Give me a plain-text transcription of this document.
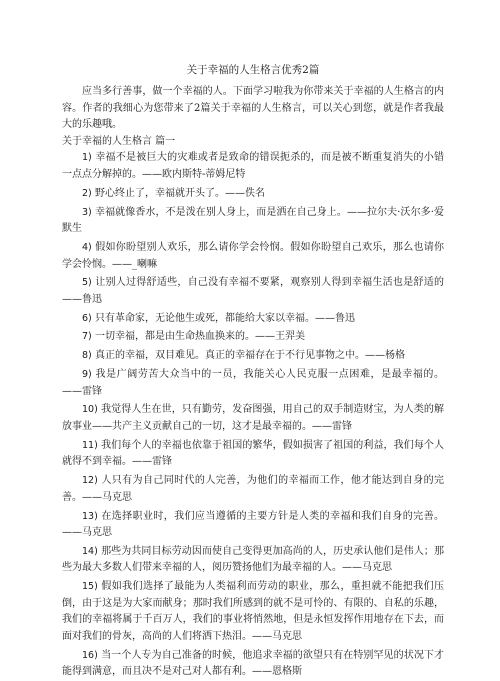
关于幸福的人生格言优秀2篇

应当多行善事，做一个幸福的人。下面学习啦我为你带来关于幸福的人生格言的内容。作者的我细心为您带来了2篇关于幸福的人生格言，可以关心到您，就是作者我最大的乐趣哦。

关于幸福的人生格言 篇一
1) 幸福不是被巨大的灾难或者是致命的错误扼杀的，而是被不断重复消失的小错一点点分解掉的。——欧内斯特-蒂姆尼特
2) 野心终止了，幸福就开头了。——佚名
3) 幸福就像香水，不是泼在别人身上，而是洒在自己身上。——拉尔夫·沃尔多·爱默生
4) 假如你盼望别人欢乐，那么请你学会怜悯。假如你盼望自己欢乐，那么也请你学会怜悯。——_喇嘛
5) 让别人过得舒适些，自己没有幸福不要紧，观察别人得到幸福生活也是舒适的——鲁迅
6) 只有革命家，无论他生或死，都能给大家以幸福。——鲁迅
7) 一切幸福，都是由生命热血换来的。——王羿美
8) 真正的幸福，双目难见。真正的幸福存在于不行见事物之中。——杨格
9) 我是广阔劳苦大众当中的一员，我能关心人民克服一点困难，是最幸福的。——雷锋
10) 我觉得人生在世，只有勤劳，发奋图强，用自己的双手制造财宝，为人类的解放事业——共产主义贡献自己的一切，这才是最幸福的。——雷锋
11) 我们每个人的幸福也依靠于祖国的繁华，假如损害了祖国的利益，我们每个人就得不到幸福。——雷锋
12) 人只有为自己同时代的人完善，为他们的幸福而工作，他才能达到自身的完善。——马克思
13) 在选择职业时，我们应当遵循的主要方针是人类的幸福和我们自身的完善。——马克思
14) 那些为共同目标劳动因而使自己变得更加高尚的人，历史承认他们是伟人；那些为最大多数人们带来幸福的人，阅历赞扬他们为最幸福的人。——马克思
15) 假如我们选择了最能为人类福利而劳动的职业，那么，重担就不能把我们压倒，由于这是为大家而献身；那时我们所感到的就不是可怜的、有限的、自私的乐趣，我们的幸福将属于千百万人，我们的事业将悄然地，但是永恒发挥作用地存在下去，而面对我们的骨灰，高尚的人们将洒下热泪。——马克思
16) 当一个人专为自己准备的时候，他追求幸福的欲望只有在特别罕见的状况下才能得到满意，而且决不是对己对人都有利。——恩格斯
